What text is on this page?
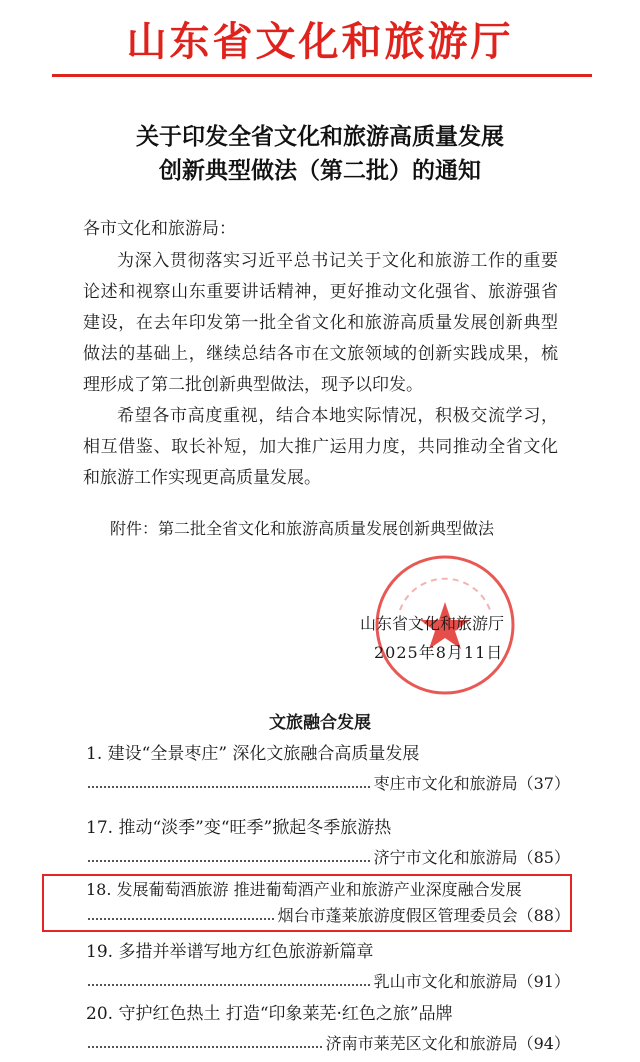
山东省文化和旅游厅
关于印发全省文化和旅游高质量发展
创新典型做法（第二批）的通知
各市文化和旅游局：
为深入贯彻落实习近平总书记关于文化和旅游工作的重要论述和视察山东重要讲话精神，更好推动文化强省、旅游强省建设，在去年印发第一批全省文化和旅游高质量发展创新典型做法的基础上，继续总结各市在文旅领域的创新实践成果，梳理形成了第二批创新典型做法，现予以印发。
希望各市高度重视，结合本地实际情况，积极交流学习，相互借鉴、取长补短，加大推广运用力度，共同推动全省文化和旅游工作实现更高质量发展。
附件：第二批全省文化和旅游高质量发展创新典型做法
山东省文化和旅游厅
2025年8月11日
文旅融合发展
1. 建设“全景枣庄” 深化文旅融合高质量发展
枣庄市文化和旅游局（37）
17. 推动“淡季”变“旺季”掀起冬季旅游热
济宁市文化和旅游局（85）
18. 发展葡萄酒旅游 推进葡萄酒产业和旅游产业深度融合发展
烟台市蓬莱旅游度假区管理委员会（88）
19. 多措并举谱写地方红色旅游新篇章
乳山市文化和旅游局（91）
20. 守护红色热土 打造“印象莱芜·红色之旅”品牌
济南市莱芜区文化和旅游局（94）
